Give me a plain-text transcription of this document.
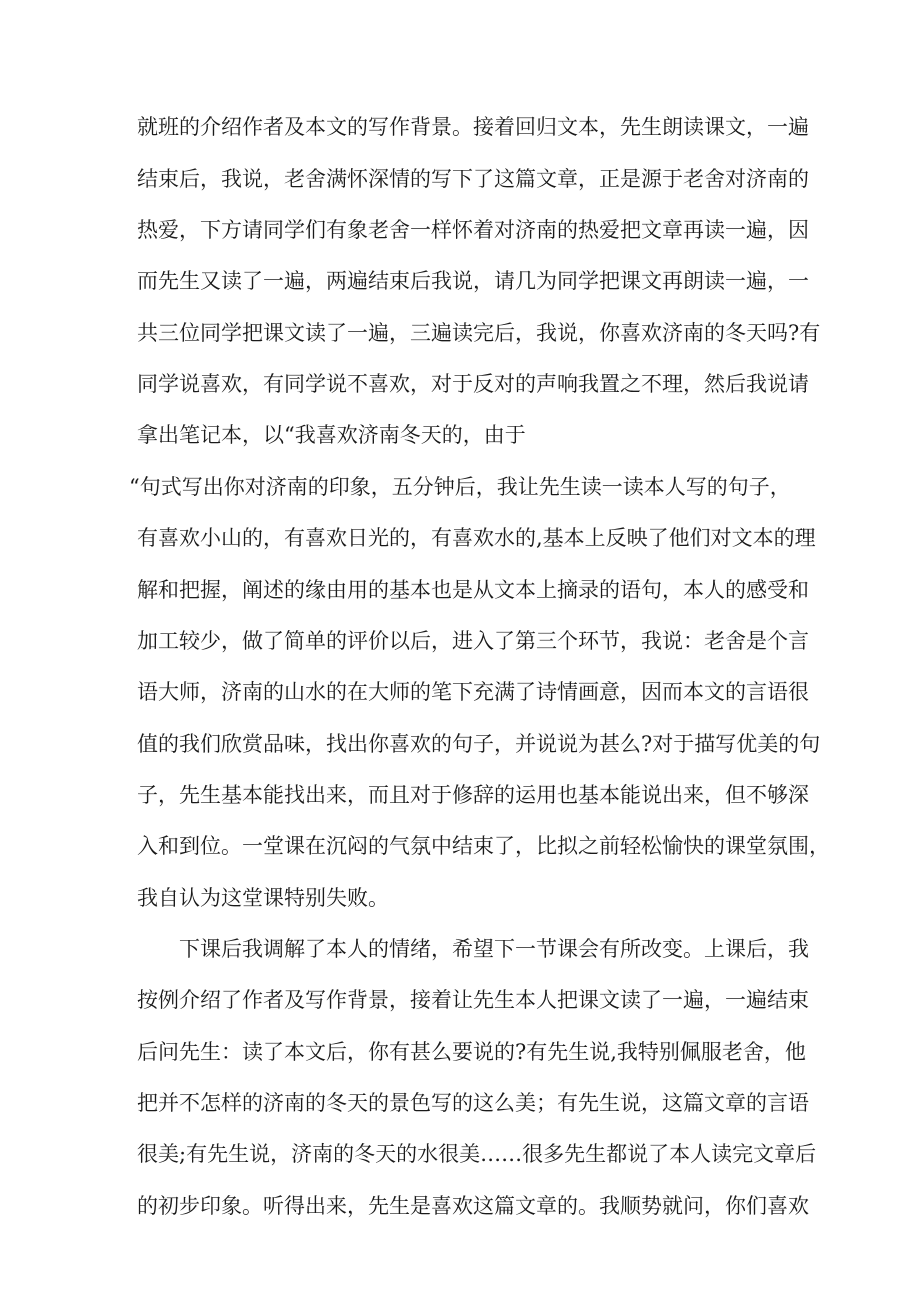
就班的介绍作者及本文的写作背景。接着回归文本，先生朗读课文，一遍
结束后，我说，老舍满怀深情的写下了这篇文章，正是源于老舍对济南的
热爱，下方请同学们有象老舍一样怀着对济南的热爱把文章再读一遍，因
而先生又读了一遍，两遍结束后我说，请几为同学把课文再朗读一遍，一
共三位同学把课文读了一遍，三遍读完后，我说，你喜欢济南的冬天吗?有
同学说喜欢，有同学说不喜欢，对于反对的声响我置之不理，然后我说请
拿出笔记本，以“我喜欢济南冬天的，由于
“句式写出你对济南的印象，五分钟后，我让先生读一读本人写的句子，
有喜欢小山的，有喜欢日光的，有喜欢水的,基本上反映了他们对文本的理
解和把握，阐述的缘由用的基本也是从文本上摘录的语句，本人的感受和
加工较少，做了简单的评价以后，进入了第三个环节，我说：老舍是个言
语大师，济南的山水的在大师的笔下充满了诗情画意，因而本文的言语很
值的我们欣赏品味，找出你喜欢的句子，并说说为甚么?对于描写优美的句
子，先生基本能找出来，而且对于修辞的运用也基本能说出来，但不够深
入和到位。一堂课在沉闷的气氛中结束了，比拟之前轻松愉快的课堂氛围，
我自认为这堂课特别失败。
下课后我调解了本人的情绪，希望下一节课会有所改变。上课后，我
按例介绍了作者及写作背景，接着让先生本人把课文读了一遍，一遍结束
后问先生：读了本文后，你有甚么要说的?有先生说,我特别佩服老舍，他
把并不怎样的济南的冬天的景色写的这么美；有先生说，这篇文章的言语
很美;有先生说，济南的冬天的水很美……很多先生都说了本人读完文章后
的初步印象。听得出来，先生是喜欢这篇文章的。我顺势就问，你们喜欢
